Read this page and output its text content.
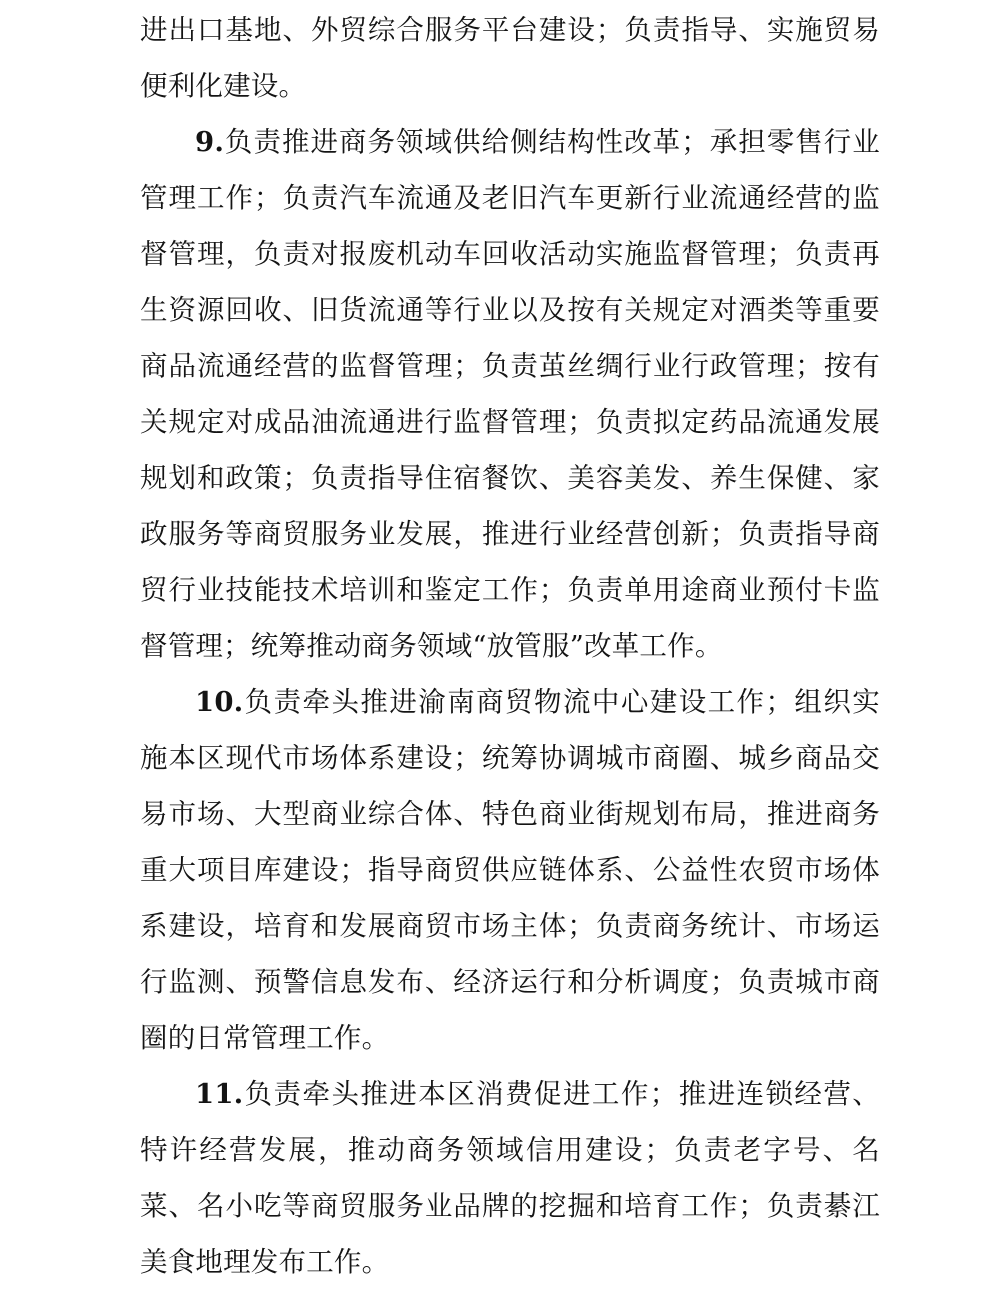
进出口基地、外贸综合服务平台建设；负责指导、实施贸易便利化建设。

9.负责推进商务领域供给侧结构性改革；承担零售行业管理工作；负责汽车流通及老旧汽车更新行业流通经营的监督管理，负责对报废机动车回收活动实施监督管理；负责再生资源回收、旧货流通等行业以及按有关规定对酒类等重要商品流通经营的监督管理；负责茧丝绸行业行政管理；按有关规定对成品油流通进行监督管理；负责拟定药品流通发展规划和政策；负责指导住宿餐饮、美容美发、养生保健、家政服务等商贸服务业发展，推进行业经营创新；负责指导商贸行业技能技术培训和鉴定工作；负责单用途商业预付卡监督管理；统筹推动商务领域“放管服”改革工作。

10.负责牵头推进渝南商贸物流中心建设工作；组织实施本区现代市场体系建设；统筹协调城市商圈、城乡商品交易市场、大型商业综合体、特色商业街规划布局，推进商务重大项目库建设；指导商贸供应链体系、公益性农贸市场体系建设，培育和发展商贸市场主体；负责商务统计、市场运行监测、预警信息发布、经济运行和分析调度；负责城市商圈的日常管理工作。

11.负责牵头推进本区消费促进工作；推进连锁经营、特许经营发展，推动商务领域信用建设；负责老字号、名菜、名小吃等商贸服务业品牌的挖掘和培育工作；负责綦江美食地理发布工作。
